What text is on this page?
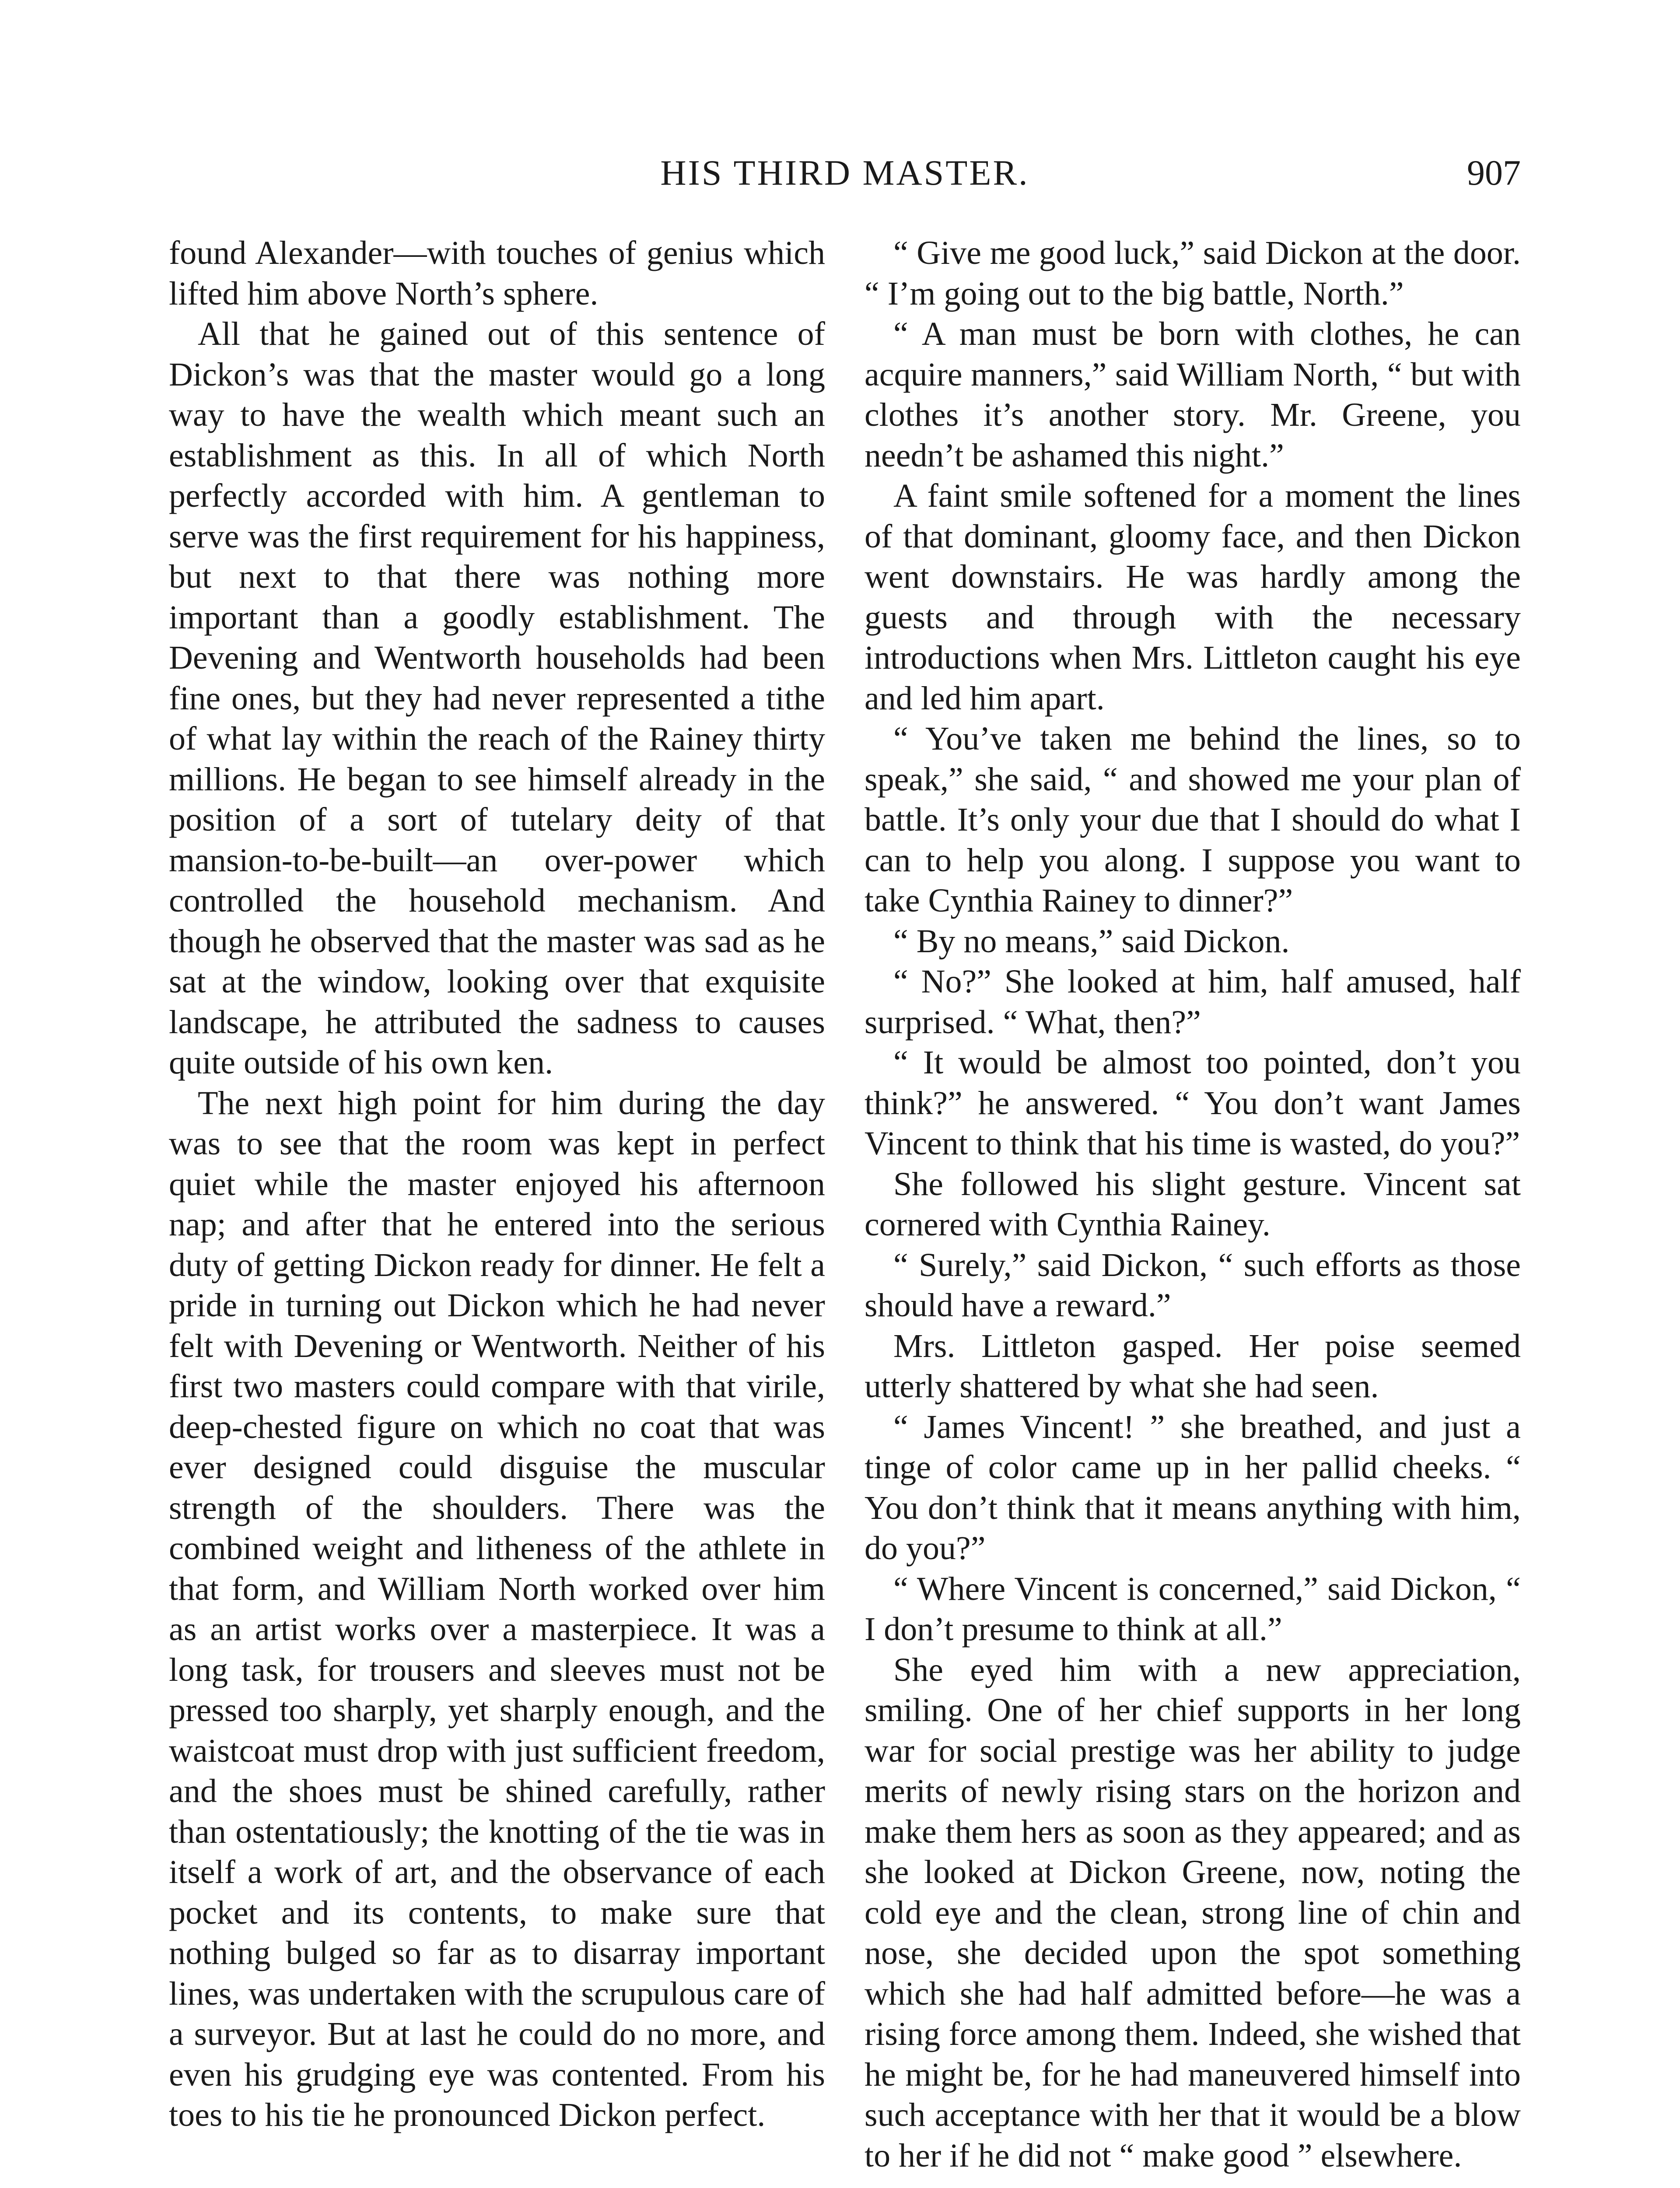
HIS THIRD MASTER.	907

found Alexander—with touches of genius which lifted him above North’s sphere.

All that he gained out of this sentence of Dickon’s was that the master would go a long way to have the wealth which meant such an establishment as this. In all of which North perfectly accorded with him. A gentleman to serve was the first requirement for his happiness, but next to that there was nothing more important than a goodly establishment. The Devening and Wentworth households had been fine ones, but they had never represented a tithe of what lay within the reach of the Rainey thirty millions. He began to see himself already in the position of a sort of tutelary deity of that mansion-to-be-built—an over-power which controlled the household mechanism. And though he observed that the master was sad as he sat at the window, looking over that exquisite landscape, he attributed the sadness to causes quite outside of his own ken.

The next high point for him during the day was to see that the room was kept in perfect quiet while the master enjoyed his afternoon nap; and after that he entered into the serious duty of getting Dickon ready for dinner. He felt a pride in turning out Dickon which he had never felt with Devening or Wentworth. Neither of his first two masters could compare with that virile, deep-chested figure on which no coat that was ever designed could disguise the muscular strength of the shoulders. There was the combined weight and litheness of the athlete in that form, and William North worked over him as an artist works over a masterpiece. It was a long task, for trousers and sleeves must not be pressed too sharply, yet sharply enough, and the waistcoat must drop with just sufficient freedom, and the shoes must be shined carefully, rather than ostentatiously; the knotting of the tie was in itself a work of art, and the observance of each pocket and its contents, to make sure that nothing bulged so far as to disarray important lines, was undertaken with the scrupulous care of a surveyor. But at last he could do no more, and even his grudging eye was contented. From his toes to his tie he pronounced Dickon perfect.

“ Give me good luck,” said Dickon at the door. “ I’m going out to the big battle, North.”

“ A man must be born with clothes, he can acquire manners,” said William North, “ but with clothes it’s another story. Mr. Greene, you needn’t be ashamed this night.”

A faint smile softened for a moment the lines of that dominant, gloomy face, and then Dickon went downstairs. He was hardly among the guests and through with the necessary introductions when Mrs. Littleton caught his eye and led him apart.

“ You’ve taken me behind the lines, so to speak,” she said, “ and showed me your plan of battle. It’s only your due that I should do what I can to help you along. I suppose you want to take Cynthia Rainey to dinner?”

“ By no means,” said Dickon.

“ No?” She looked at him, half amused, half surprised. “ What, then?”

“ It would be almost too pointed, don’t you think?” he answered. “ You don’t want James Vincent to think that his time is wasted, do you?”

She followed his slight gesture. Vincent sat cornered with Cynthia Rainey.

“ Surely,” said Dickon, “ such efforts as those should have a reward.”

Mrs. Littleton gasped. Her poise seemed utterly shattered by what she had seen.

“ James Vincent! ” she breathed, and just a tinge of color came up in her pallid cheeks. “ You don’t think that it means anything with him, do you?”

“ Where Vincent is concerned,” said Dickon, “ I don’t presume to think at all.”

She eyed him with a new appreciation, smiling. One of her chief supports in her long war for social prestige was her ability to judge merits of newly rising stars on the horizon and make them hers as soon as they appeared; and as she looked at Dickon Greene, now, noting the cold eye and the clean, strong line of chin and nose, she decided upon the spot something which she had half admitted before—he was a rising force among them. Indeed, she wished that he might be, for he had maneuvered himself into such acceptance with her that it would be a blow to her if he did not “ make good ” elsewhere.
